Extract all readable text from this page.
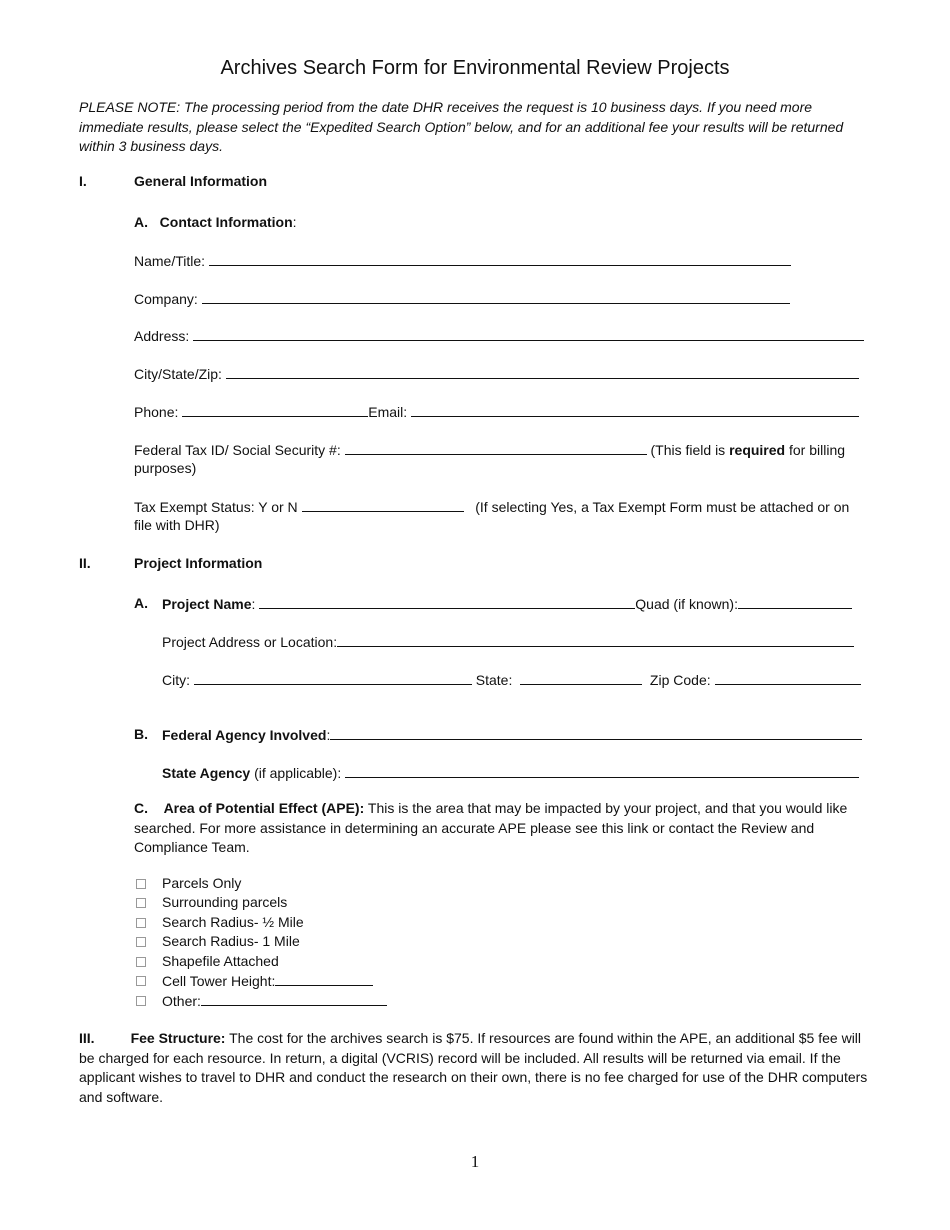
Archives Search Form for Environmental Review Projects
PLEASE NOTE: The processing period from the date DHR receives the request is 10 business days. If you need more immediate results, please select the “Expedited Search Option” below, and for an additional fee your results will be returned within 3 business days.
I.	General Information
A. Contact Information:
Name/Title:
Company:
Address:
City/State/Zip:
Phone:	Email:
Federal Tax ID/ Social Security #:	(This field is required for billing
purposes)
Tax Exempt Status: Y or N	(If selecting Yes, a Tax Exempt Form must be attached or on
file with DHR)
II.	Project Information
A. Project Name:	Quad (if known):
Project Address or Location:
City:	State:	Zip Code:
B. Federal Agency Involved:
State Agency (if applicable):
C. Area of Potential Effect (APE): This is the area that may be impacted by your project, and that you would like searched. For more assistance in determining an accurate APE please see this link or contact the Review and Compliance Team.
Parcels Only
Surrounding parcels
Search Radius- ½ Mile
Search Radius- 1 Mile
Shapefile Attached
Cell Tower Height:
Other:
III.	Fee Structure: The cost for the archives search is $75. If resources are found within the APE, an additional $5 fee will be charged for each resource. In return, a digital (VCRIS) record will be included. All results will be returned via email. If the applicant wishes to travel to DHR and conduct the research on their own, there is no fee charged for use of the DHR computers and software.
1
